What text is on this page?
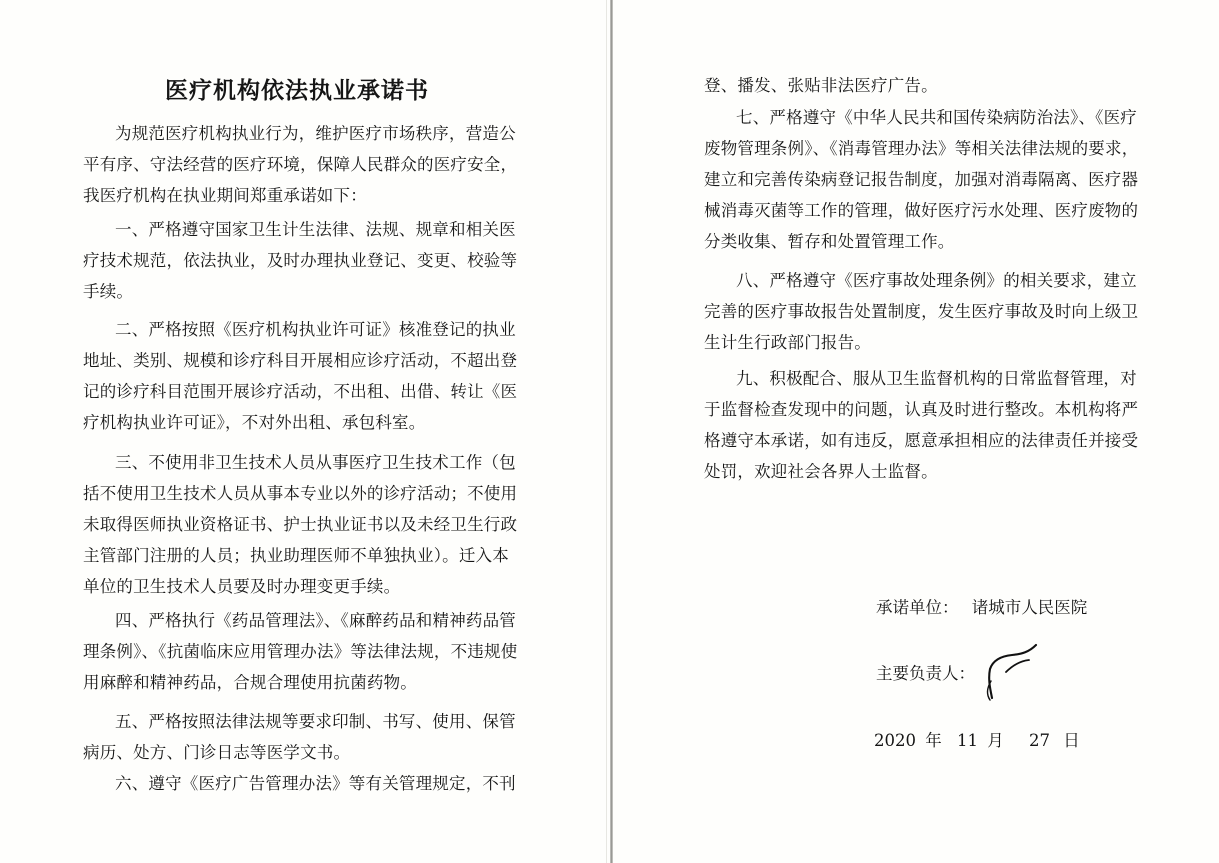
医疗机构依法执业承诺书
为规范医疗机构执业行为，维护医疗市场秩序，营造公
平有序、守法经营的医疗环境，保障人民群众的医疗安全，
我医疗机构在执业期间郑重承诺如下：
一、严格遵守国家卫生计生法律、法规、规章和相关医
疗技术规范，依法执业，及时办理执业登记、变更、校验等
手续。
二、严格按照《医疗机构执业许可证》核准登记的执业
地址、类别、规模和诊疗科目开展相应诊疗活动，不超出登
记的诊疗科目范围开展诊疗活动，不出租、出借、转让《医
疗机构执业许可证》，不对外出租、承包科室。
三、不使用非卫生技术人员从事医疗卫生技术工作（包
括不使用卫生技术人员从事本专业以外的诊疗活动；不使用
未取得医师执业资格证书、护士执业证书以及未经卫生行政
主管部门注册的人员；执业助理医师不单独执业）。迁入本
单位的卫生技术人员要及时办理变更手续。
四、严格执行《药品管理法》、《麻醉药品和精神药品管
理条例》、《抗菌临床应用管理办法》等法律法规，不违规使
用麻醉和精神药品，合规合理使用抗菌药物。
五、严格按照法律法规等要求印制、书写、使用、保管
病历、处方、门诊日志等医学文书。
六、遵守《医疗广告管理办法》等有关管理规定，不刊
登、播发、张贴非法医疗广告。
七、严格遵守《中华人民共和国传染病防治法》、《医疗
废物管理条例》、《消毒管理办法》等相关法律法规的要求，
建立和完善传染病登记报告制度，加强对消毒隔离、医疗器
械消毒灭菌等工作的管理，做好医疗污水处理、医疗废物的
分类收集、暂存和处置管理工作。
八、严格遵守《医疗事故处理条例》的相关要求，建立
完善的医疗事故报告处置制度，发生医疗事故及时向上级卫
生计生行政部门报告。
九、积极配合、服从卫生监督机构的日常监督管理，对
于监督检查发现中的问题，认真及时进行整改。本机构将严
格遵守本承诺，如有违反，愿意承担相应的法律责任并接受
处罚，欢迎社会各界人士监督。
承诺单位： 诸城市人民医院
主要负责人：
2020 年 11 月 27 日
